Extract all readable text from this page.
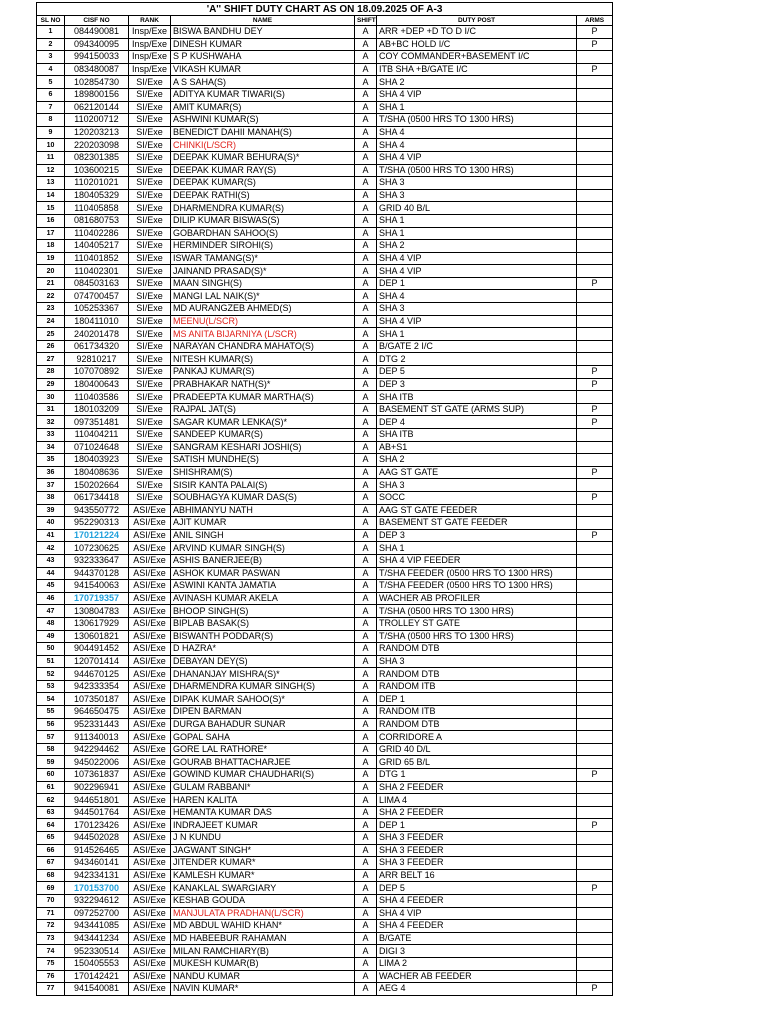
'A'' SHIFT DUTY CHART AS ON 18.09.2025 OF A-3						
SL NO	CISF NO	RANK	NAME	SHIFT	DUTY POST	ARMS
1	084490081	Insp/Exe	BISWA BANDHU DEY	A	ARR +DEP +D TO D I/C	P
2	094340095	Insp/Exe	DINESH KUMAR	A	AB+BC HOLD I/C	P
3	994150033	Insp/Exe	S P KUSHWAHA	A	COY COMMANDER+BASEMENT I/C	
4	083480087	Insp/Exe	VIKASH KUMAR	A	ITB SHA +B/GATE I/C	P
5	102854730	SI/Exe	A S SAHA(S)	A	SHA 2	
6	189800156	SI/Exe	ADITYA KUMAR TIWARI(S)	A	SHA 4 VIP	
7	062120144	SI/Exe	AMIT KUMAR(S)	A	SHA 1	
8	110200712	SI/Exe	ASHWINI KUMAR(S)	A	T/SHA (0500 HRS TO 1300 HRS)	
9	120203213	SI/Exe	BENEDICT DAHII MANAH(S)	A	SHA 4	
10	220203098	SI/Exe	CHINKI(L/SCR)	A	SHA 4	
11	082301385	SI/Exe	DEEPAK KUMAR BEHURA(S)*	A	SHA 4 VIP	
12	103600215	SI/Exe	DEEPAK KUMAR RAY(S)	A	T/SHA (0500 HRS TO 1300 HRS)	
13	110201021	SI/Exe	DEEPAK KUMAR(S)	A	SHA 3	
14	180405329	SI/Exe	DEEPAK RATHI(S)	A	SHA 3	
15	110405858	SI/Exe	DHARMENDRA KUMAR(S)	A	GRID 40 B/L	
16	081680753	SI/Exe	DILIP KUMAR BISWAS(S)	A	SHA 1	
17	110402286	SI/Exe	GOBARDHAN SAHOO(S)	A	SHA 1	
18	140405217	SI/Exe	HERMINDER SIROHI(S)	A	SHA 2	
19	110401852	SI/Exe	ISWAR TAMANG(S)*	A	SHA 4 VIP	
20	110402301	SI/Exe	JAINAND PRASAD(S)*	A	SHA 4 VIP	
21	084503163	SI/Exe	MAAN SINGH(S)	A	DEP 1	P
22	074700457	SI/Exe	MANGI LAL NAIK(S)*	A	SHA 4	
23	105253367	SI/Exe	MD AURANGZEB AHMED(S)	A	SHA 3	
24	180411010	SI/Exe	MEENU(L/SCR)	A	SHA 4 VIP	
25	240201478	SI/Exe	MS ANITA BIJARNIYA (L/SCR)	A	SHA 1	
26	061734320	SI/Exe	NARAYAN CHANDRA MAHATO(S)	A	B/GATE 2 I/C	
27	92810217	SI/Exe	NITESH KUMAR(S)	A	DTG 2	
28	107070892	SI/Exe	PANKAJ KUMAR(S)	A	DEP 5	P
29	180400643	SI/Exe	PRABHAKAR NATH(S)*	A	DEP 3	P
30	110403586	SI/Exe	PRADEEPTA KUMAR MARTHA(S)	A	SHA ITB	
31	180103209	SI/Exe	RAJPAL JAT(S)	A	BASEMENT ST GATE (ARMS SUP)	P
32	097351481	SI/Exe	SAGAR KUMAR LENKA(S)*	A	DEP 4	P
33	110404211	SI/Exe	SANDEEP KUMAR(S)	A	SHA ITB	
34	071024648	SI/Exe	SANGRAM KESHARI JOSHI(S)	A	AB+S1	
35	180403923	SI/Exe	SATISH MUNDHE(S)	A	SHA 2	
36	180408636	SI/Exe	SHISHRAM(S)	A	AAG ST GATE	P
37	150202664	SI/Exe	SISIR KANTA PALAI(S)	A	SHA 3	
38	061734418	SI/Exe	SOUBHAGYA KUMAR DAS(S)	A	SOCC	P
39	943550772	ASI/Exe	ABHIMANYU NATH	A	AAG ST GATE FEEDER	
40	952290313	ASI/Exe	AJIT KUMAR	A	BASEMENT ST GATE FEEDER	
41	170121224	ASI/Exe	ANIL SINGH	A	DEP 3	P
42	107230625	ASI/Exe	ARVIND KUMAR SINGH(S)	A	SHA 1	
43	932333647	ASI/Exe	ASHIS BANERJEE(B)	A	SHA 4 VIP FEEDER	
44	944370128	ASI/Exe	ASHOK KUMAR PASWAN	A	T/SHA FEEDER (0500 HRS TO 1300 HRS)	
45	941540063	ASI/Exe	ASWINI KANTA JAMATIA	A	T/SHA FEEDER (0500 HRS TO 1300 HRS)	
46	170719357	ASI/Exe	AVINASH KUMAR AKELA	A	WACHER AB PROFILER	
47	130804783	ASI/Exe	BHOOP SINGH(S)	A	T/SHA (0500 HRS TO 1300 HRS)	
48	130617929	ASI/Exe	BIPLAB BASAK(S)	A	TROLLEY ST GATE	
49	130601821	ASI/Exe	BISWANTH PODDAR(S)	A	T/SHA (0500 HRS TO 1300 HRS)	
50	904491452	ASI/Exe	D HAZRA*	A	RANDOM DTB	
51	120701414	ASI/Exe	DEBAYAN DEY(S)	A	SHA 3	
52	944670125	ASI/Exe	DHANANJAY MISHRA(S)*	A	RANDOM DTB	
53	942333354	ASI/Exe	DHARMENDRA KUMAR SINGH(S)	A	RANDOM ITB	
54	107350187	ASI/Exe	DIPAK KUMAR SAHOO(S)*	A	DEP 1	
55	964650475	ASI/Exe	DIPEN BARMAN	A	RANDOM ITB	
56	952331443	ASI/Exe	DURGA BAHADUR SUNAR	A	RANDOM DTB	
57	911340013	ASI/Exe	GOPAL SAHA	A	CORRIDORE A	
58	942294462	ASI/Exe	GORE LAL RATHORE*	A	GRID 40 D/L	
59	945022006	ASI/Exe	GOURAB BHATTACHARJEE	A	GRID 65 B/L	
60	107361837	ASI/Exe	GOWIND KUMAR CHAUDHARI(S)	A	DTG 1	P
61	902296941	ASI/Exe	GULAM RABBANI*	A	SHA 2 FEEDER	
62	944651801	ASI/Exe	HAREN KALITA	A	LIMA 4	
63	944501764	ASI/Exe	HEMANTA KUMAR DAS	A	SHA 2 FEEDER	
64	170123426	ASI/Exe	INDRAJEET KUMAR	A	DEP 1	P
65	944502028	ASI/Exe	J N KUNDU	A	SHA 3 FEEDER	
66	914526465	ASI/Exe	JAGWANT SINGH*	A	SHA 3 FEEDER	
67	943460141	ASI/Exe	JITENDER KUMAR*	A	SHA 3 FEEDER	
68	942334131	ASI/Exe	KAMLESH KUMAR*	A	ARR BELT 16	
69	170153700	ASI/Exe	KANAKLAL SWARGIARY	A	DEP 5	P
70	932294612	ASI/Exe	KESHAB GOUDA	A	SHA 4 FEEDER	
71	097252700	ASI/Exe	MANJULATA PRADHAN(L/SCR)	A	SHA 4 VIP	
72	943441085	ASI/Exe	MD ABDUL WAHID KHAN*	A	SHA 4 FEEDER	
73	943441234	ASI/Exe	MD HABEEBUR RAHAMAN	A	B/GATE	
74	952330514	ASI/Exe	MILAN RAMCHIARY(B)	A	DIGI 3	
75	150405553	ASI/Exe	MUKESH KUMAR(B)	A	LIMA 2	
76	170142421	ASI/Exe	NANDU KUMAR	A	WACHER AB FEEDER	
77	941540081	ASI/Exe	NAVIN KUMAR*	A	AEG 4	P
